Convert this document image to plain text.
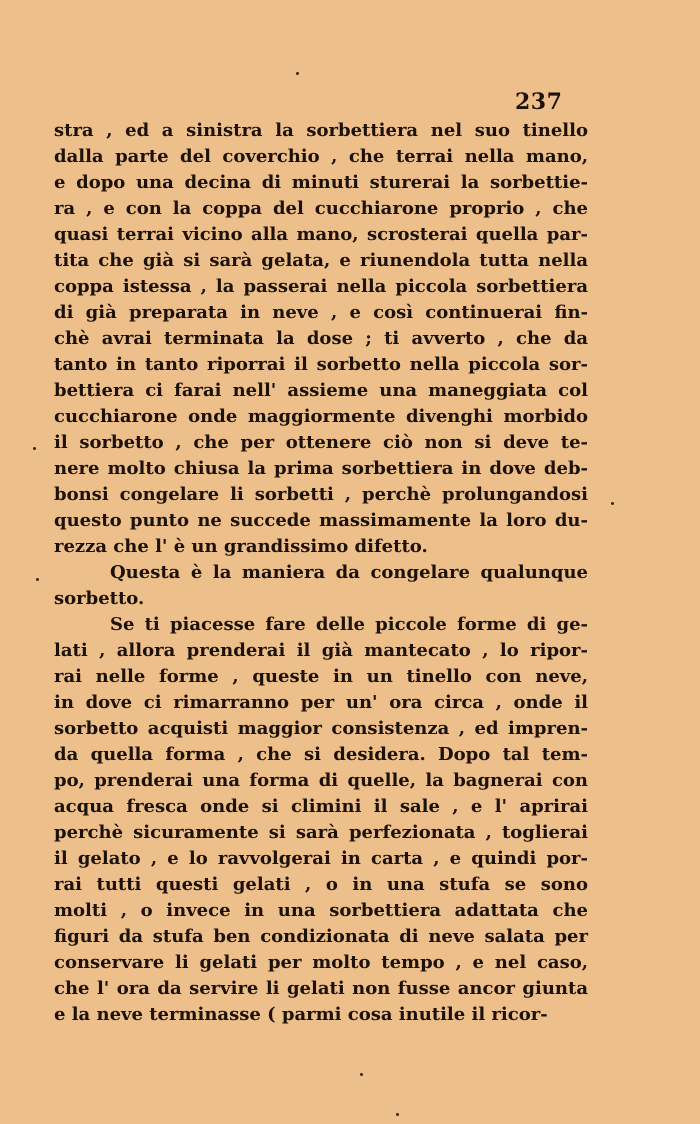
237
stra , ed a sinistra la sorbettiera nel suo tinello
dalla parte del coverchio , che terrai nella mano,
e dopo una decina di minuti sturerai la sorbettie-
ra , e con la coppa del cucchiarone proprio , che
quasi terrai vicino alla mano, scrosterai quella par-
tita che già si sarà gelata, e riunendola tutta nella
coppa istessa , la passerai nella piccola sorbettiera
di già preparata in neve , e così continuerai fin-
chè avrai terminata la dose ; ti avverto , che da
tanto in tanto riporrai il sorbetto nella piccola sor-
bettiera ci farai nell' assieme una maneggiata col
cucchiarone onde maggiormente divenghi morbido
il sorbetto , che per ottenere ciò non si deve te-
nere molto chiusa la prima sorbettiera in dove deb-
bonsi congelare li sorbetti , perchè prolungandosi
questo punto ne succede massimamente la loro du-
rezza che l' è un grandissimo difetto.
Questa è la maniera da congelare qualunque
sorbetto.
Se ti piacesse fare delle piccole forme di ge-
lati , allora prenderai il già mantecato , lo ripor-
rai nelle forme , queste in un tinello con neve,
in dove ci rimarranno per un' ora circa , onde il
sorbetto acquisti maggior consistenza , ed impren-
da quella forma , che si desidera. Dopo tal tem-
po, prenderai una forma di quelle, la bagnerai con
acqua fresca onde si climini il sale , e l' aprirai
perchè sicuramente si sarà perfezionata , toglierai
il gelato , e lo ravvolgerai in carta , e quindi por-
rai tutti questi gelati , o in una stufa se sono
molti , o invece in una sorbettiera adattata che
figuri da stufa ben condizionata di neve salata per
conservare li gelati per molto tempo , e nel caso,
che l' ora da servire li gelati non fusse ancor giunta
e la neve terminasse ( parmi cosa inutile il ricor-
